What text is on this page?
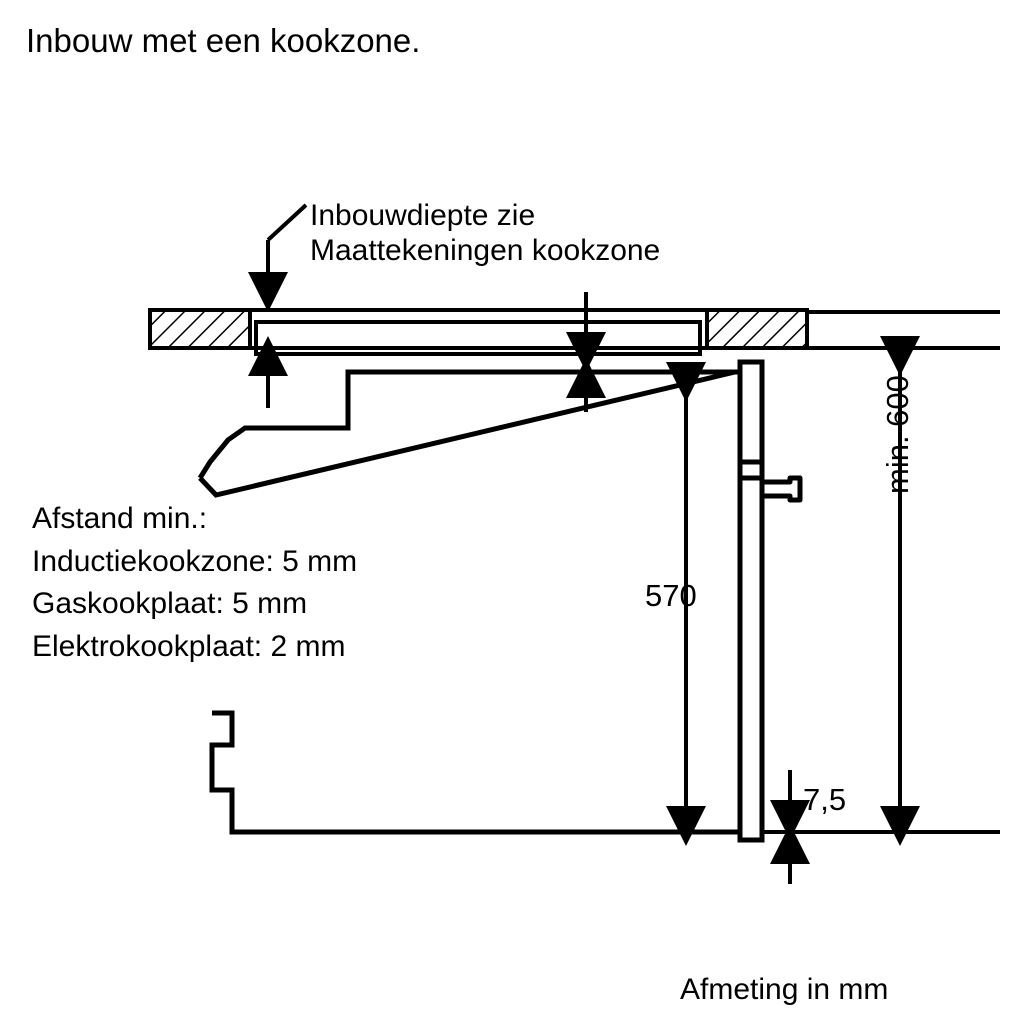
Inbouw met een kookzone.
Inbouwdiepte zie
Maattekeningen kookzone
Afstand min.:
Inductiekookzone: 5 mm
Gaskookplaat: 5 mm
Elektrokookplaat: 2 mm
570
7,5
min. 600
Afmeting in mm
